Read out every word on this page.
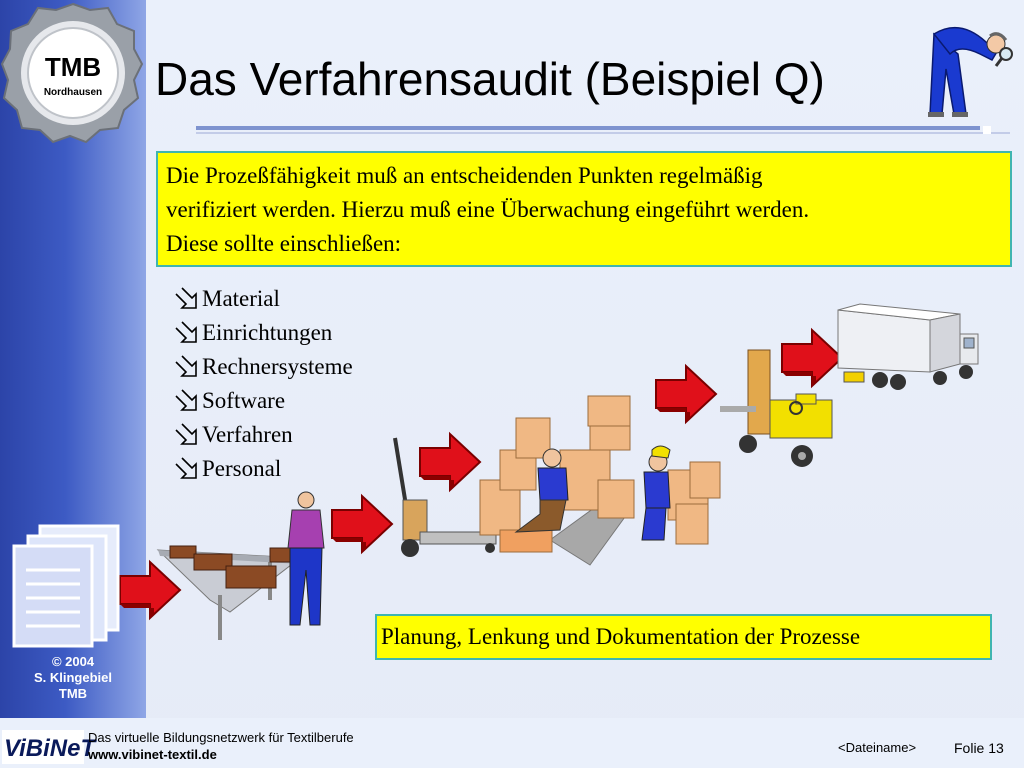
TMB
Nordhausen Das Verfahrensaudit (Beispiel Q)

Die Prozeßfähigkeit muß an entscheidenden Punkten regelmäßig

verifiziert werden. Hierzu muß eine Überwachung eingeführt werden.

Diese sollte einschließen:

Material
Einrichtungen
Rechnersysteme
Software
Verfahren
Personal
Planung, Lenkung und Dokumentation der Prozesse
© 2004
S. Klingebiel
TMB
ViBiNeT
Das virtuelle Bildungsnetzwerk für Textilberufe
www.vibinet-textil.de	<Dateiname>	Folie 13
